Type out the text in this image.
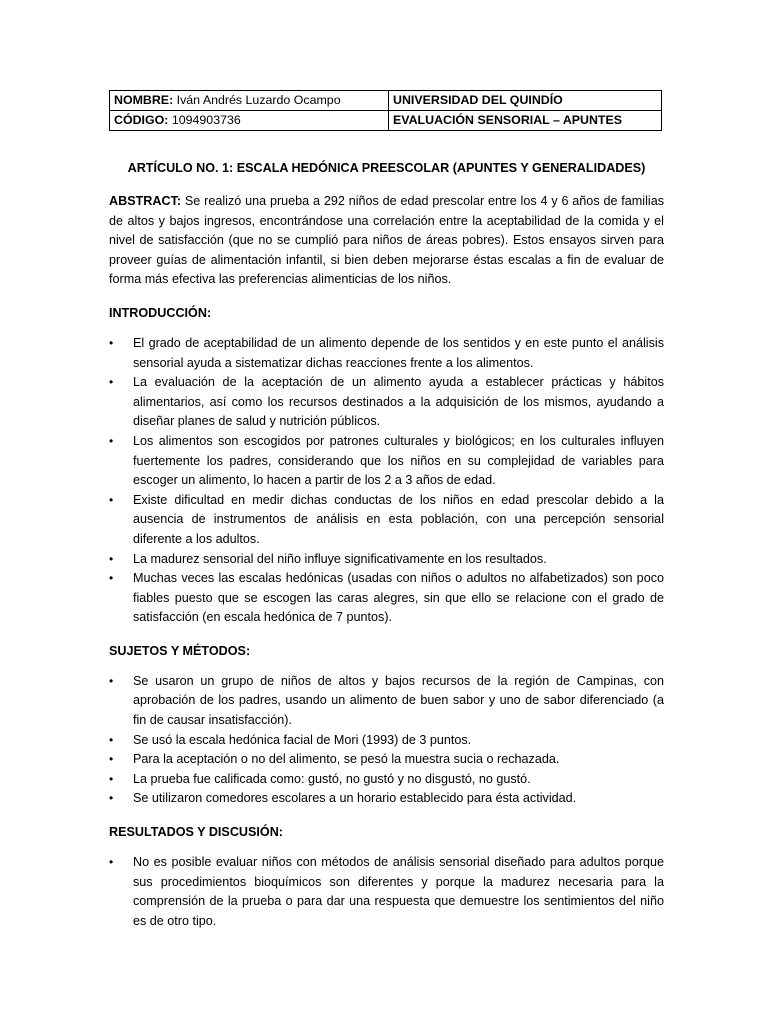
NOMBRE: Iván Andrés Luzardo Ocampo	UNIVERSIDAD DEL QUINDÍO
CÓDIGO: 1094903736	EVALUACIÓN SENSORIAL – APUNTES
ARTÍCULO NO. 1: ESCALA HEDÓNICA PREESCOLAR (APUNTES Y GENERALIDADES)

ABSTRACT: Se realizó una prueba a 292 niños de edad prescolar entre los 4 y 6 años de familias de altos y bajos ingresos, encontrándose una correlación entre la aceptabilidad de la comida y el nivel de satisfacción (que no se cumplió para niños de áreas pobres). Estos ensayos sirven para proveer guías de alimentación infantil, si bien deben mejorarse éstas escalas a fin de evaluar de forma más efectiva las preferencias alimenticias de los niños.

INTRODUCCIÓN:
•	El grado de aceptabilidad de un alimento depende de los sentidos y en este punto el análisis sensorial ayuda a sistematizar dichas reacciones frente a los alimentos.
•	La evaluación de la aceptación de un alimento ayuda a establecer prácticas y hábitos alimentarios, así como los recursos destinados a la adquisición de los mismos, ayudando a diseñar planes de salud y nutrición públicos.
•	Los alimentos son escogidos por patrones culturales y biológicos; en los culturales influyen fuertemente los padres, considerando que los niños en su complejidad de variables para escoger un alimento, lo hacen a partir de los 2 a 3 años de edad.
•	Existe dificultad en medir dichas conductas de los niños en edad prescolar debido a la ausencia de instrumentos de análisis en esta población, con una percepción sensorial diferente a los adultos.
•	La madurez sensorial del niño influye significativamente en los resultados.
•	Muchas veces las escalas hedónicas (usadas con niños o adultos no alfabetizados) son poco fiables puesto que se escogen las caras alegres, sin que ello se relacione con el grado de satisfacción (en escala hedónica de 7 puntos).
SUJETOS Y MÉTODOS:
•	Se usaron un grupo de niños de altos y bajos recursos de la región de Campinas, con aprobación de los padres, usando un alimento de buen sabor y uno de sabor diferenciado (a fin de causar insatisfacción).
•	Se usó la escala hedónica facial de Mori (1993) de 3 puntos.
•	Para la aceptación o no del alimento, se pesó la muestra sucia o rechazada.
•	La prueba fue calificada como: gustó, no gustó y no disgustó, no gustó.
•	Se utilizaron comedores escolares a un horario establecido para ésta actividad.
RESULTADOS Y DISCUSIÓN:
•	No es posible evaluar niños con métodos de análisis sensorial diseñado para adultos porque sus procedimientos bioquímicos son diferentes y porque la madurez necesaria para la comprensión de la prueba o para dar una respuesta que demuestre los sentimientos del niño es de otro tipo.
